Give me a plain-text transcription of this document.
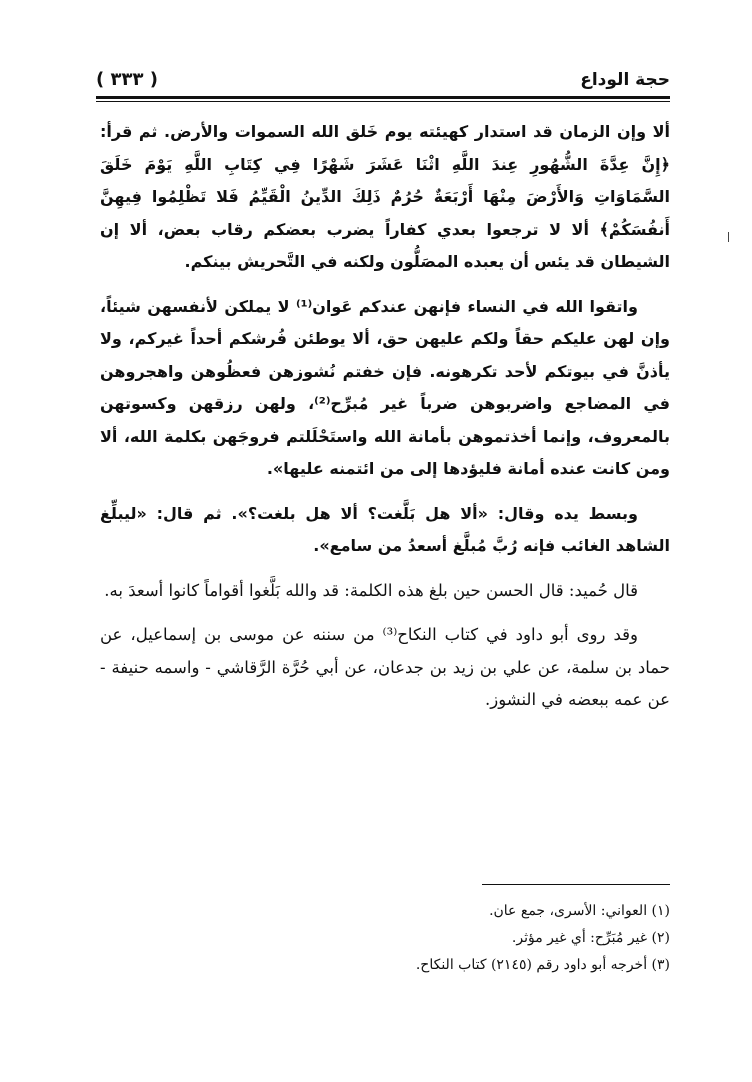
حجة الوداع
( ٣٣٣ )

ألا وإن الزمان قد استدار كهيئته يوم خَلق الله السموات والأرض. ثم قرأ: ﴿إِنَّ عِدَّةَ الشُّهُورِ عِندَ اللَّهِ اثْنَا عَشَرَ شَهْرًا فِي كِتَابِ اللَّهِ يَوْمَ خَلَقَ السَّمَاوَاتِ وَالأَرْضَ مِنْهَا أَرْبَعَةٌ حُرُمٌ ذَلِكَ الدِّينُ الْقَيِّمُ فَلا تَظْلِمُوا فِيهِنَّ أَنفُسَكُمْ﴾ ألا لا ترجعوا بعدي كفاراً يضرب بعضكم رقاب بعض، ألا إن الشيطان قد يئس أن يعبده المصَلُّون ولكنه في التَّحريش بينكم.

واتقوا الله في النساء فإنهن عندكم عَوان⁽¹⁾ لا يملكن لأنفسهن شيئاً، وإن لهن عليكم حقاً ولكم عليهن حق، ألا يوطئن فُرشكم أحداً غيركم، ولا يأذنَّ في بيوتكم لأحد تكرهونه. فإن خفتم نُشوزهن فعظُوهن واهجروهن في المضاجع واضربوهن ضرباً غير مُبرِّح⁽²⁾، ولهن رزقهن وكسوتهن بالمعروف، وإنما أخذتموهن بأمانة الله واستَحْلَلتم فروجَهن بكلمة الله، ألا ومن كانت عنده أمانة فليؤدها إلى من ائتمنه عليها».

وبسط يده وقال: «ألا هل بَلَّغت؟ ألا هل بلغت؟». ثم قال: «ليبلِّغ الشاهد الغائب فإنه رُبَّ مُبلَّغ أسعدُ من سامع».

قال حُميد: قال الحسن حين بلغ هذه الكلمة: قد والله بَلَّغوا أقواماً كانوا أسعدَ به.

وقد روى أبو داود في كتاب النكاح⁽³⁾ من سننه عن موسى بن إسماعيل، عن حماد بن سلمة، عن علي بن زيد بن جدعان، عن أبي حُرَّة الرَّقاشي - واسمه حنيفة - عن عمه ببعضه في النشوز.

(١) العواني: الأسرى، جمع عان.

(٢) غير مُبَرِّح: أي غير مؤثر.

(٣) أخرجه أبو داود رقم (٢١٤٥) كتاب النكاح.
